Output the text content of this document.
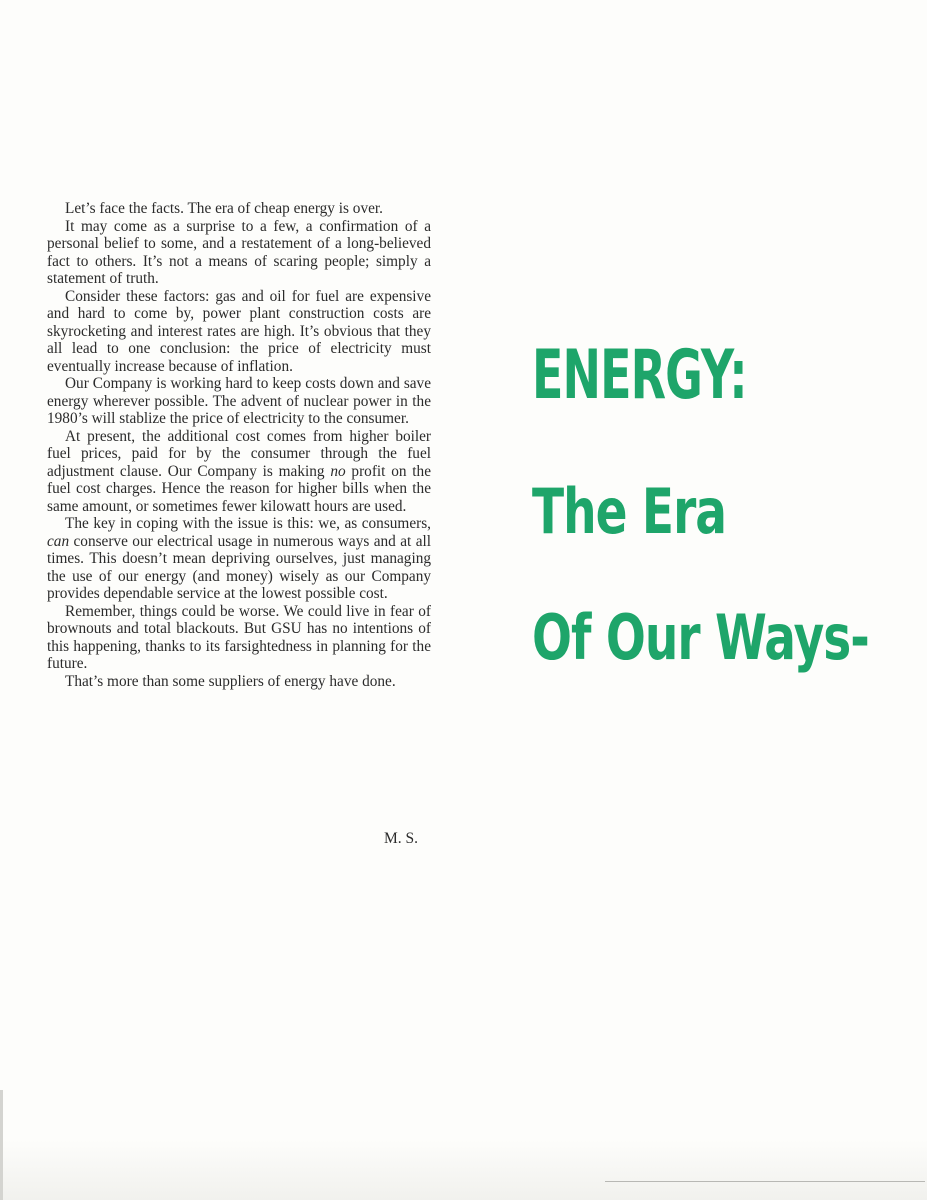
Let’s face the facts. The era of cheap energy is over.

It may come as a surprise to a few, a confirmation of a personal belief to some, and a restatement of a long-believed fact to others. It’s not a means of scaring people; simply a statement of truth.

Consider these factors: gas and oil for fuel are expensive and hard to come by, power plant construction costs are skyrocketing and interest rates are high. It’s obvious that they all lead to one conclusion: the price of electricity must eventually increase because of inflation.

Our Company is working hard to keep costs down and save energy wherever possible. The advent of nuclear power in the 1980’s will stablize the price of electricity to the consumer.

At present, the additional cost comes from higher boiler fuel prices, paid for by the consumer through the fuel adjustment clause. Our Company is making no profit on the fuel cost charges. Hence the reason for higher bills when the same amount, or sometimes fewer kilowatt hours are used.

The key in coping with the issue is this: we, as consumers, can conserve our electrical usage in numerous ways and at all times. This doesn’t mean depriving ourselves, just managing the use of our energy (and money) wisely as our Company provides dependable service at the lowest possible cost.

Remember, things could be worse. We could live in fear of brownouts and total blackouts. But GSU has no intentions of this happening, thanks to its farsightedness in planning for the future.

That’s more than some suppliers of energy have done.

M. S.
ENERGY:
The Era
Of Our Ways-
